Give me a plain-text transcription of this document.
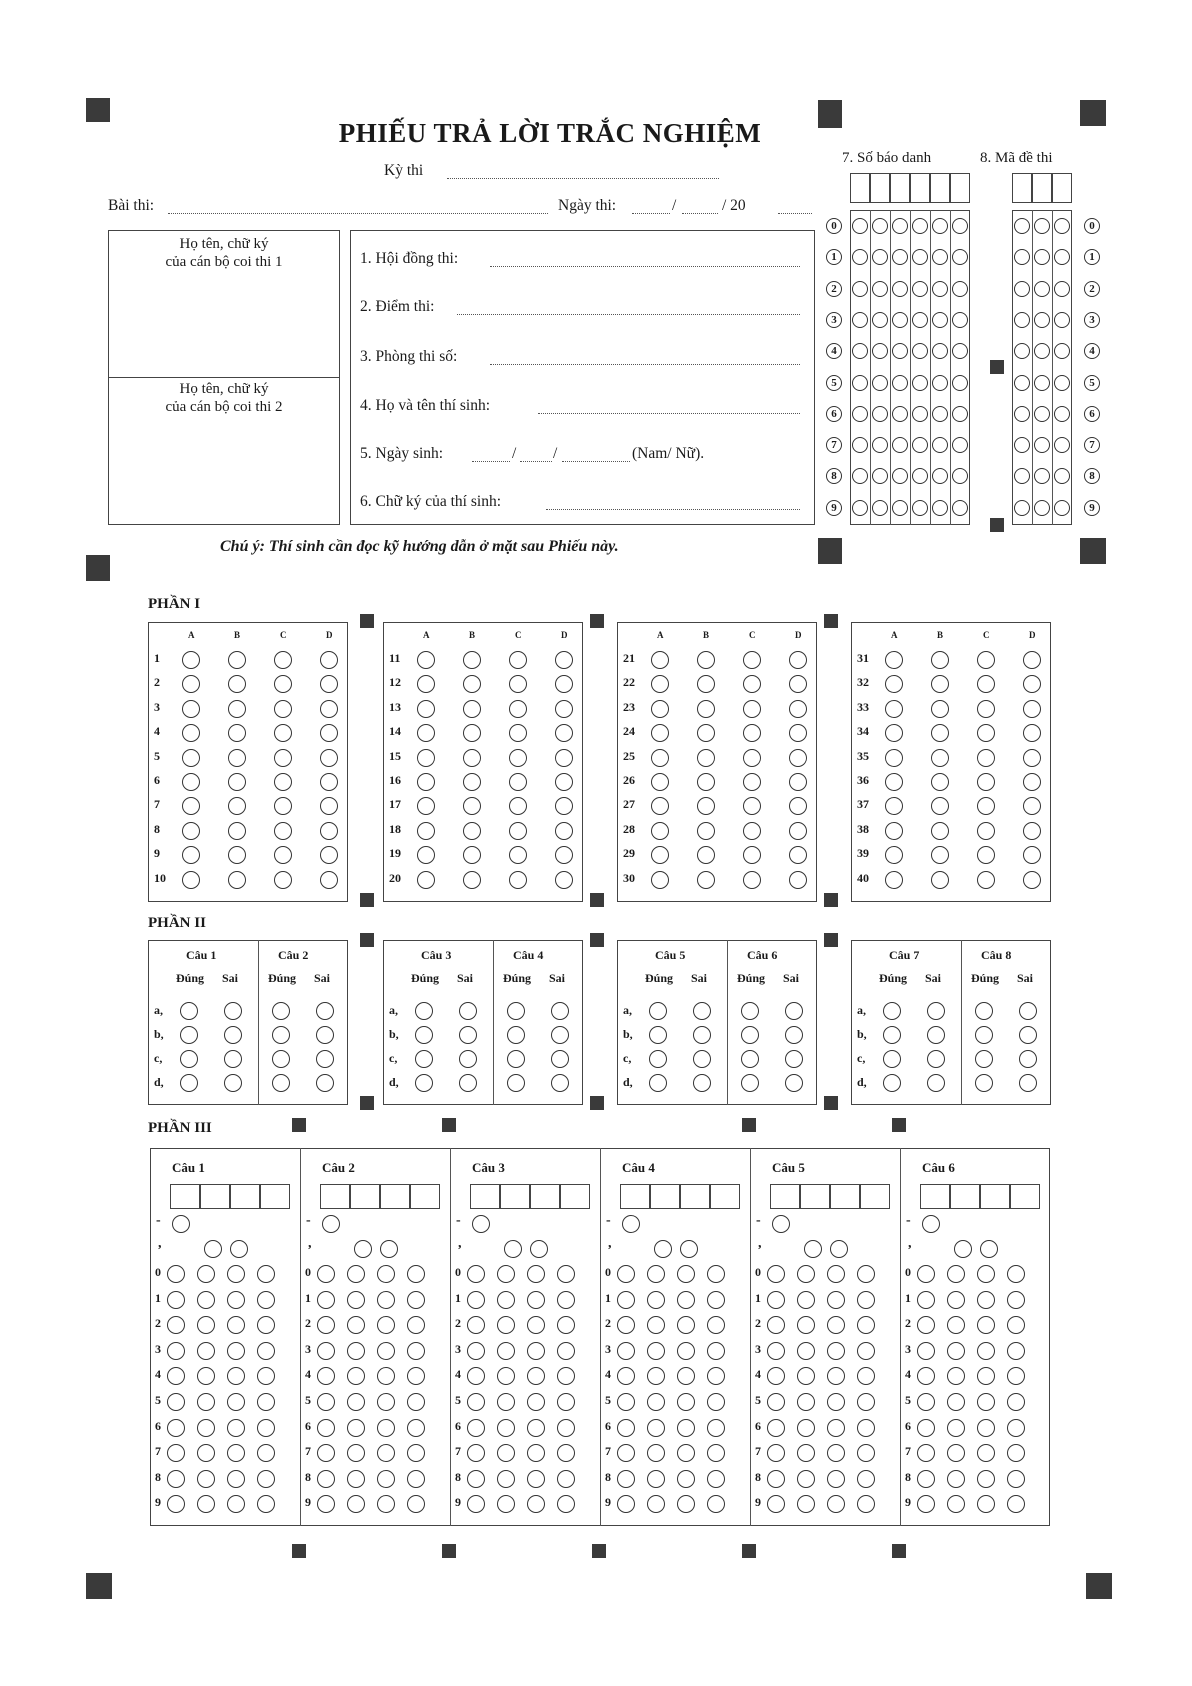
PHIẾU TRẢ LỜI TRẮC NGHIỆM
Kỳ thi
Bài thi:	Ngày thi:	/	/ 20
Họ tên, chữ ký
của cán bộ coi thi 1
Họ tên, chữ ký
của cán bộ coi thi 2
1. Hội đồng thi:
2. Điểm thi:
3. Phòng thi số:
4. Họ và tên thí sinh:
5. Ngày sinh:
6. Chữ ký của thí sinh:
/ /	(Nam/ Nữ).
7. Số báo danh	8. Mã đề thi
0	0
1	1
2	2
3	3
4	4
5	5
6	6
7	7
8	8
9	9
Chú ý: Thí sinh cần đọc kỹ hướng dẫn ở mặt sau Phiếu này.
PHẦN I
A	B	C	D
1
2
3
4
5
6
7
8
9
10
A	B	C	D
11
12
13
14
15
16
17
18
19
20
A	B	C	D
21
22
23
24
25
26
27
28
29
30
A	B	C	D
31
32
33
34
35
36
37
38
39
40
PHẦN II
Câu 1
Đúng Sai
Câu 2
Đúng Sai
a,
b,
c,
d,
Câu 3
Đúng Sai
Câu 4
Đúng Sai
a,
b,
c,
d,
Câu 5
Đúng Sai
Câu 6
Đúng Sai
a,
b,
c,
d,
Câu 7
Đúng Sai
Câu 8
Đúng Sai
a,
b,
c,
d,
PHẦN III
Câu 1
-
,
0
1
2
3
4
5
6
7
8
9
Câu 2
-
,
0
1
2
3
4
5
6
7
8
9
Câu 3
-
,
0
1
2
3
4
5
6
7
8
9
Câu 4
-
,
0
1
2
3
4
5
6
7
8
9
Câu 5
-
,
0
1
2
3
4
5
6
7
8
9
Câu 6
-
,
0
1
2
3
4
5
6
7
8
9
